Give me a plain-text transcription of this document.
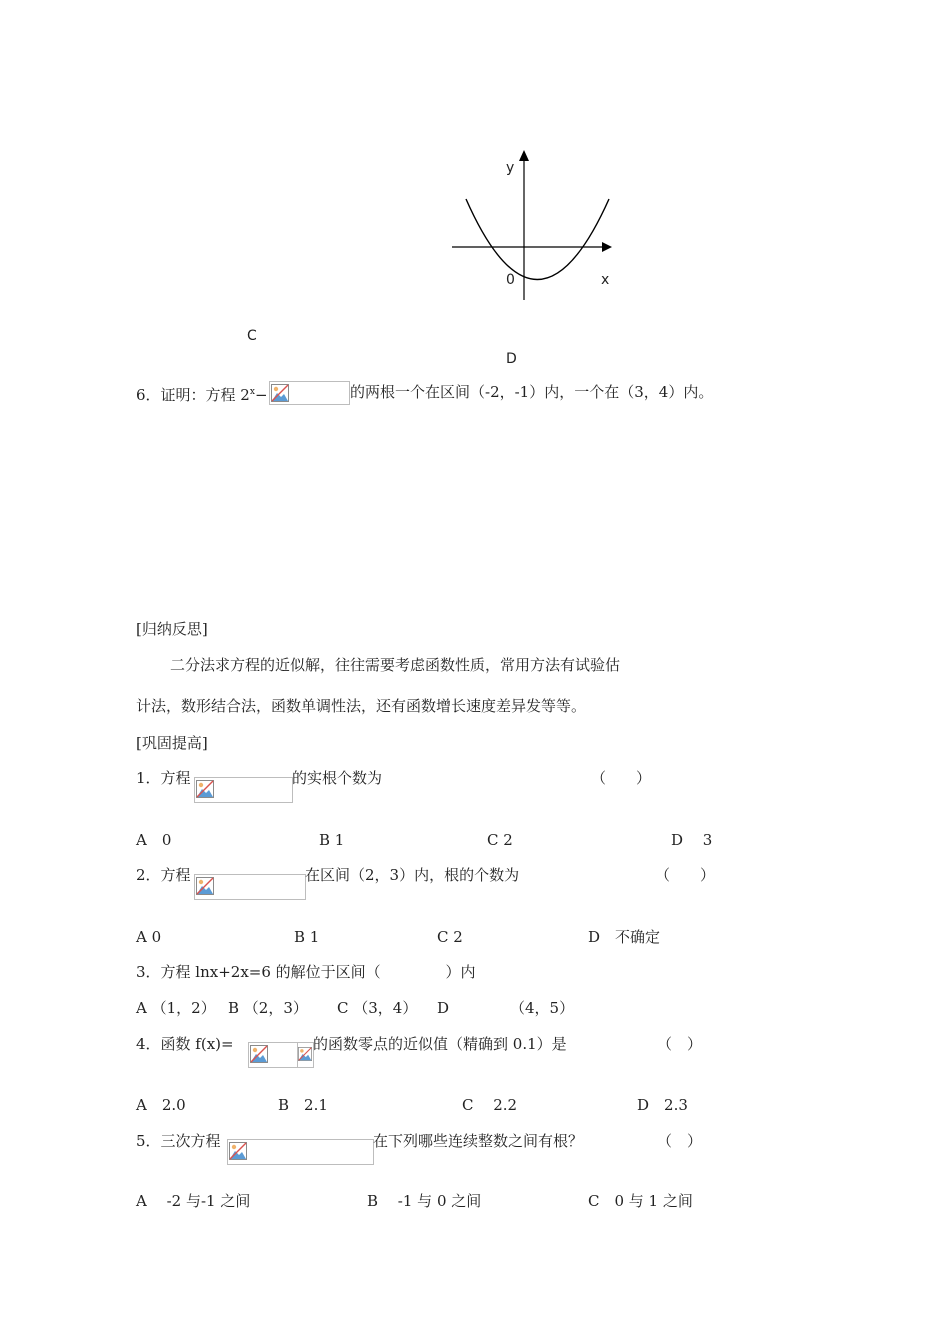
y
x
0
C
D
6．证明：方程 $2^x-$	的两根一个在区间（-2，-1）内，一个在（3，4）内。
[归纳反思]
二分法求方程的近似解，往往需要考虑函数性质，常用方法有试验估
计法，数形结合法，函数单调性法，还有函数增长速度差异发等等。
[巩固提高]
1．方程	的实根个数为	（　　）
A　0	B 1	C 2	D　 3
2．方程	在区间（2，3）内，根的个数为	（　　）
A 0	B 1	C 2	D　不确定
3．方程 lnx+2x=6 的解位于区间（　　　　 ）内
A （1，2） B （2，3） C （3，4） D	（4，5）
4．函数 f(x)=	的函数零点的近似值（精确到 0.1）是	（　）
A　2.0	B　2.1	C　 2.2	D　2.3
5．三次方程	在下列哪些连续整数之间有根？	（　）
A　 -2 与-1 之间	B　 -1 与 0 之间	C　0 与 1 之间
